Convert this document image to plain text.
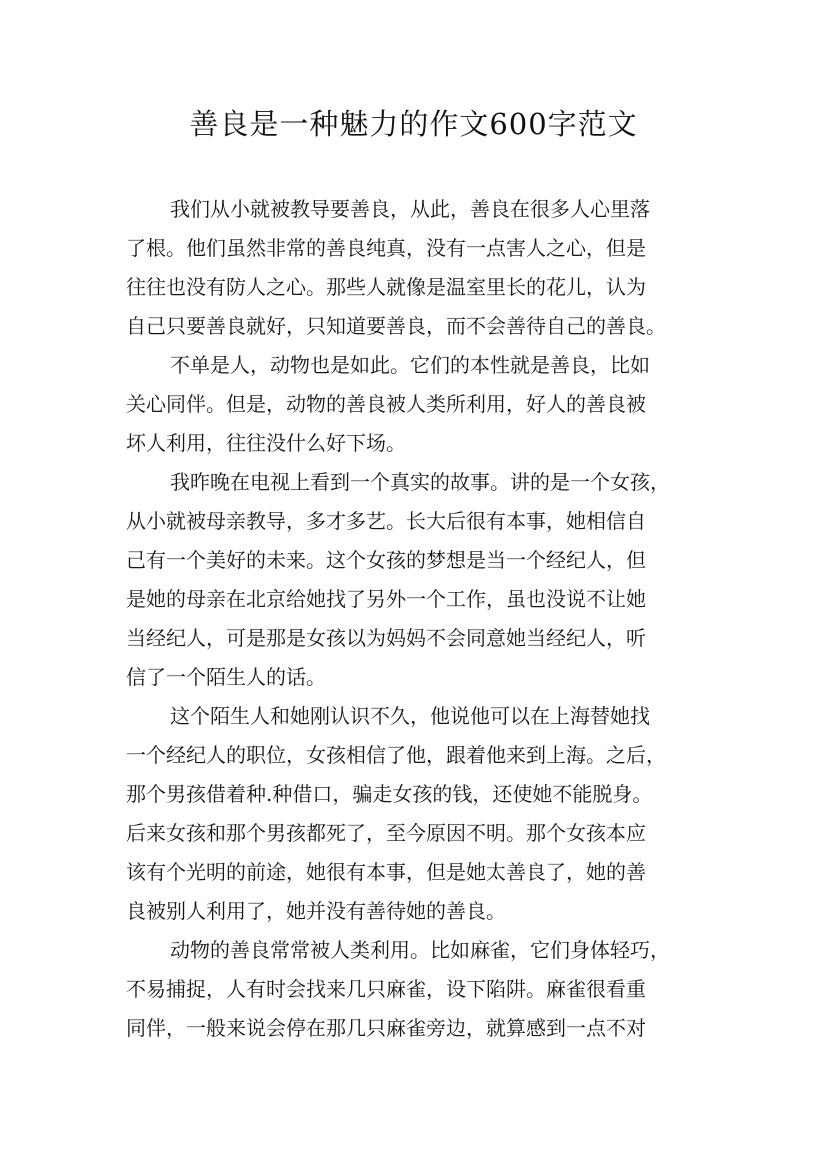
善良是一种魅力的作文600字范文
我们从小就被教导要善良，从此，善良在很多人心里落
了根。他们虽然非常的善良纯真，没有一点害人之心，但是
往往也没有防人之心。那些人就像是温室里长的花儿，认为
自己只要善良就好，只知道要善良，而不会善待自己的善良。
不单是人，动物也是如此。它们的本性就是善良，比如
关心同伴。但是，动物的善良被人类所利用，好人的善良被
坏人利用，往往没什么好下场。
我昨晚在电视上看到一个真实的故事。讲的是一个女孩，
从小就被母亲教导，多才多艺。长大后很有本事，她相信自
己有一个美好的未来。这个女孩的梦想是当一个经纪人，但
是她的母亲在北京给她找了另外一个工作，虽也没说不让她
当经纪人，可是那是女孩以为妈妈不会同意她当经纪人，听
信了一个陌生人的话。
这个陌生人和她刚认识不久，他说他可以在上海替她找
一个经纪人的职位，女孩相信了他，跟着他来到上海。之后，
那个男孩借着种.种借口，骗走女孩的钱，还使她不能脱身。
后来女孩和那个男孩都死了，至今原因不明。那个女孩本应
该有个光明的前途，她很有本事，但是她太善良了，她的善
良被别人利用了，她并没有善待她的善良。
动物的善良常常被人类利用。比如麻雀，它们身体轻巧，
不易捕捉，人有时会找来几只麻雀，设下陷阱。麻雀很看重
同伴，一般来说会停在那几只麻雀旁边，就算感到一点不对
